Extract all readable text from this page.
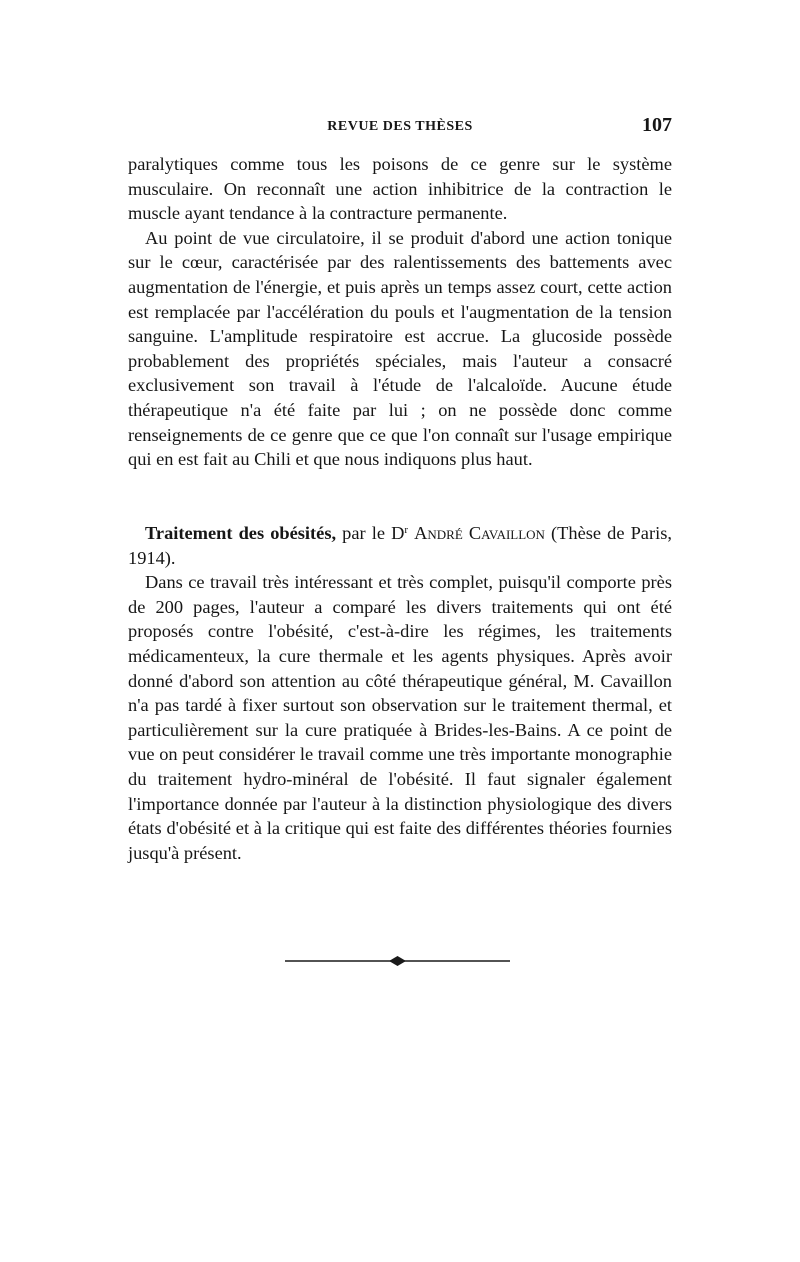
REVUE DES THÈSES	107

paralytiques comme tous les poisons de ce genre sur le système musculaire. On reconnaît une action inhibitrice de la contraction le muscle ayant tendance à la contracture permanente.

Au point de vue circulatoire, il se produit d'abord une action tonique sur le cœur, caractérisée par des ralentissements des battements avec augmentation de l'énergie, et puis après un temps assez court, cette action est remplacée par l'accélération du pouls et l'augmentation de la tension sanguine. L'amplitude respiratoire est accrue. La glucoside possède probablement des propriétés spéciales, mais l'auteur a consacré exclusivement son travail à l'étude de l'alcaloïde. Aucune étude thérapeutique n'a été faite par lui ; on ne possède donc comme renseignements de ce genre que ce que l'on connaît sur l'usage empirique qui en est fait au Chili et que nous indiquons plus haut.

Traitement des obésités, par le $D^r$ André Cavaillon (Thèse de Paris, 1914).

Dans ce travail très intéressant et très complet, puisqu'il comporte près de 200 pages, l'auteur a comparé les divers traitements qui ont été proposés contre l'obésité, c'est-à-dire les régimes, les traitements médicamenteux, la cure thermale et les agents physiques. Après avoir donné d'abord son attention au côté thérapeutique général, M. Cavaillon n'a pas tardé à fixer surtout son observation sur le traitement thermal, et particulièrement sur la cure pratiquée à Brides-les-Bains. A ce point de vue on peut considérer le travail comme une très importante monographie du traitement hydro-minéral de l'obésité. Il faut signaler également l'importance donnée par l'auteur à la distinction physiologique des divers états d'obésité et à la critique qui est faite des différentes théories fournies jusqu'à présent.
